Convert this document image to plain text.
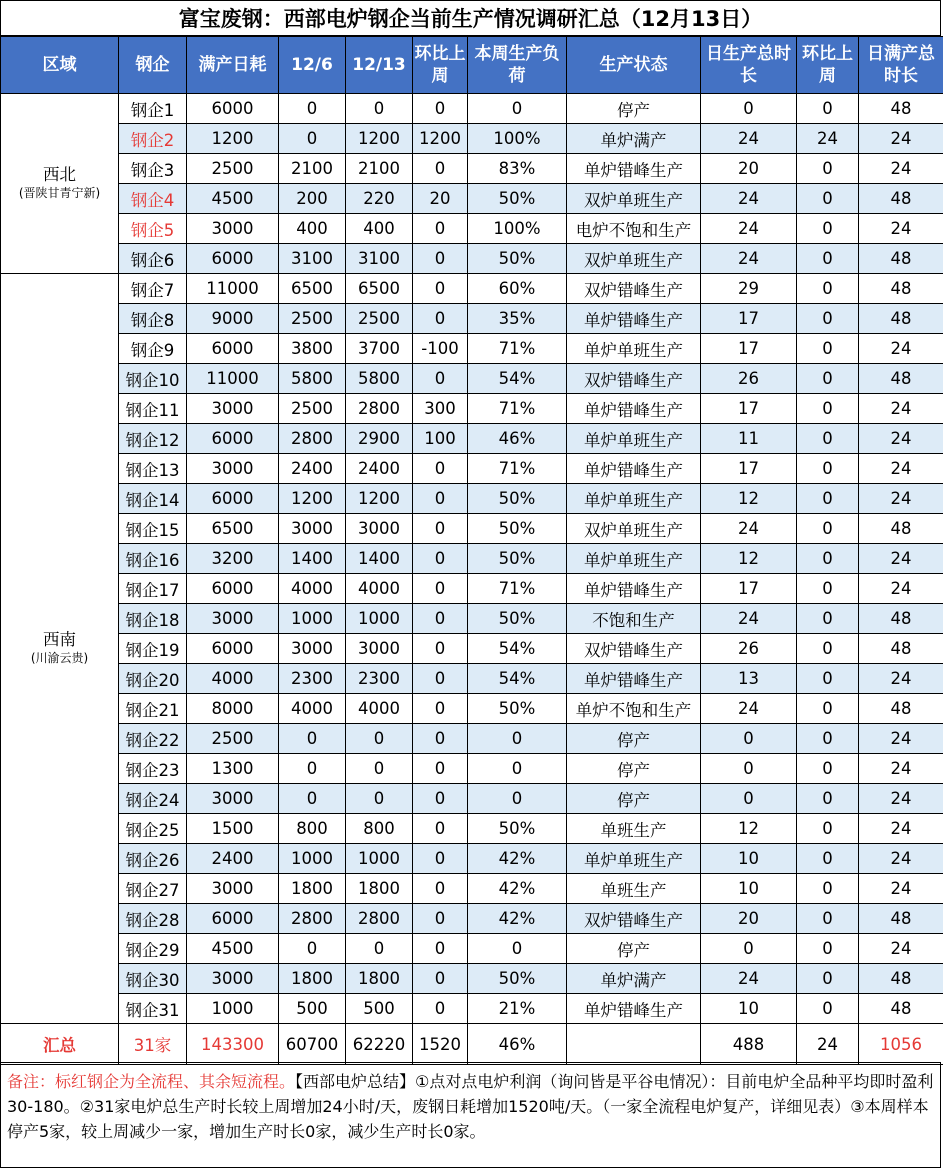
富宝废钢：西部电炉钢企当前生产情况调研汇总（12月13日）
区域	钢企	满产日耗	12/6	12/13	环比上周	本周生产负荷	生产状态	日生产总时长	环比上周	日满产总时长

西北
(晋陕甘青宁新)	钢企1	6000	0	0	0	0	停产	0	0	48
	钢企2	1200	0	1200	1200	100%	单炉满产	24	24	24
	钢企3	2500	2100	2100	0	83%	单炉错峰生产	20	0	24
	钢企4	4500	200	220	20	50%	双炉单班生产	24	0	48
	钢企5	3000	400	400	0	100%	电炉不饱和生产	24	0	24
	钢企6	6000	3100	3100	0	50%	双炉单班生产	24	0	48

西南
(川渝云贵)	钢企7	11000	6500	6500	0	60%	双炉错峰生产	29	0	48
	钢企8	9000	2500	2500	0	35%	单炉错峰生产	17	0	48
	钢企9	6000	3800	3700	-100	71%	单炉单班生产	17	0	24
	钢企10	11000	5800	5800	0	54%	双炉错峰生产	26	0	48
	钢企11	3000	2500	2800	300	71%	单炉错峰生产	17	0	24
	钢企12	6000	2800	2900	100	46%	单炉单班生产	11	0	24
	钢企13	3000	2400	2400	0	71%	单炉错峰生产	17	0	24
	钢企14	6000	1200	1200	0	50%	单炉单班生产	12	0	24
	钢企15	6500	3000	3000	0	50%	双炉单班生产	24	0	48
	钢企16	3200	1400	1400	0	50%	单炉单班生产	12	0	24
	钢企17	6000	4000	4000	0	71%	单炉错峰生产	17	0	24
	钢企18	3000	1000	1000	0	50%	不饱和生产	24	0	48
	钢企19	6000	3000	3000	0	54%	双炉错峰生产	26	0	48
	钢企20	4000	2300	2300	0	54%	单炉错峰生产	13	0	24
	钢企21	8000	4000	4000	0	50%	单炉不饱和生产	24	0	48
	钢企22	2500	0	0	0	0	停产	0	0	24
	钢企23	1300	0	0	0	0	停产	0	0	24
	钢企24	3000	0	0	0	0	停产	0	0	24
	钢企25	1500	800	800	0	50%	单班生产	12	0	24
	钢企26	2400	1000	1000	0	42%	单炉单班生产	10	0	24
	钢企27	3000	1800	1800	0	42%	单班生产	10	0	24
	钢企28	6000	2800	2800	0	42%	双炉错峰生产	20	0	48
	钢企29	4500	0	0	0	0	停产	0	0	24
	钢企30	3000	1800	1800	0	50%	单炉满产	24	0	48
	钢企31	1000	500	500	0	21%	单炉错峰生产	10	0	48
汇总	31家	143300	60700	62220	1520	46%		488	24	1056
备注：标红钢企为全流程、其余短流程。【西部电炉总结】①点对点电炉利润（询问皆是平谷电情况）：目前电炉全品种平均即时盈利30-180。②31家电炉总生产时长较上周增加24小时/天，废钢日耗增加1520吨/天。（一家全流程电炉复产，详细见表）③本周样本停产5家，较上周减少一家，增加生产时长0家，减少生产时长0家。
